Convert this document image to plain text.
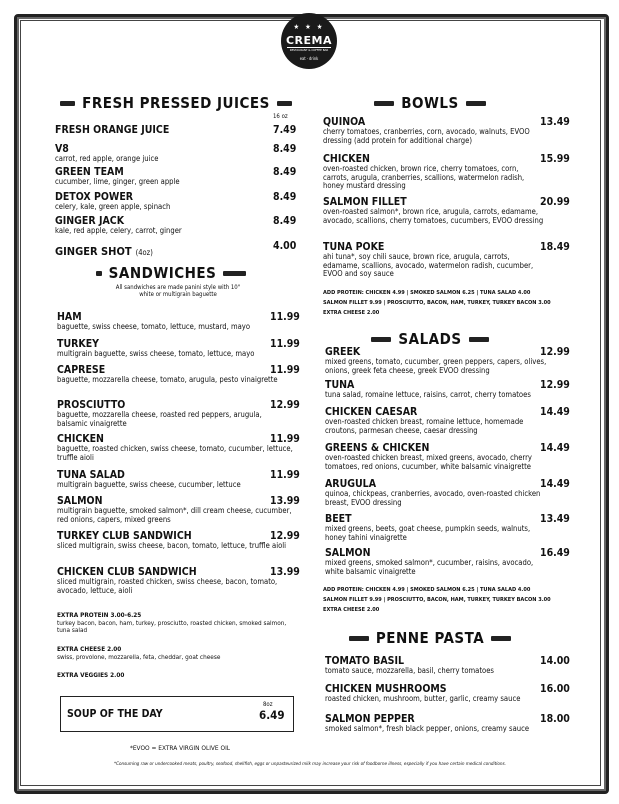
★ ★ ★
CREMA
RESTAURANT & COFFEE BAR
eat · drink
FRESH PRESSED JUICES
16 oz
FRESH ORANGE JUICE	7.49
V8
carrot, red apple, orange juice
8.49
GREEN TEAM
cucumber, lime, ginger, green apple
8.49
DETOX POWER
celery, kale, green apple, spinach
8.49
GINGER JACK
kale, red apple, celery, carrot, ginger
8.49
GINGER SHOT (4oz)
4.00
SANDWICHES
All sandwiches are made panini style with 10" white or multigrain baguette
HAM
baguette, swiss cheese, tomato, lettuce, mustard, mayo
11.99
TURKEY
multigrain baguette, swiss cheese, tomato, lettuce, mayo
11.99
CAPRESE
baguette, mozzarella cheese, tomato, arugula, pesto vinaigrette
11.99
PROSCIUTTO
baguette, mozzarella cheese, roasted red peppers, arugula, balsamic vinaigrette
12.99
CHICKEN
baguette, roasted chicken, swiss cheese, tomato, cucumber, lettuce, truffle aioli
11.99
TUNA SALAD
multigrain baguette, swiss cheese, cucumber, lettuce
11.99
SALMON
multigrain baguette, smoked salmon*, dill cream cheese, cucumber, red onions, capers, mixed greens
13.99
TURKEY CLUB SANDWICH
sliced multigrain, swiss cheese, bacon, tomato, lettuce, truffle aioli
12.99
CHICKEN CLUB SANDWICH
sliced multigrain, roasted chicken, swiss cheese, bacon, tomato, avocado, lettuce, aioli
13.99
EXTRA PROTEIN 3.00-6.25
turkey bacon, bacon, ham, turkey, prosciutto, roasted chicken, smoked salmon, tuna salad
EXTRA CHEESE 2.00
swiss, provolone, mozzarella, feta, cheddar, goat cheese
EXTRA VEGGIES 2.00
SOUP OF THE DAY
8oz
6.49
*EVOO = EXTRA VIRGIN OLIVE OIL
*Consuming raw or undercooked meats, poultry, seafood, shellfish, eggs or unpasteurized milk may increase your risk of foodborne illness, especially if you have certain medical conditions.
BOWLS
QUINOA
cherry tomatoes, cranberries, corn, avocado, walnuts, EVOO dressing (add protein for additional charge)
13.49
CHICKEN
oven-roasted chicken, brown rice, cherry tomatoes, corn, carrots, arugula, cranberries, scallions, watermelon radish, honey mustard dressing
15.99
SALMON FILLET
oven-roasted salmon*, brown rice, arugula, carrots, edamame, avocado, scallions, cherry tomatoes, cucumbers, EVOO dressing
20.99
TUNA POKE
ahi tuna*, soy chili sauce, brown rice, arugula, carrots, edamame, scallions, avocado, watermelon radish, cucumber, EVOO and soy sauce
18.49
ADD PROTEIN: CHICKEN 4.99 | SMOKED SALMON 6.25 | TUNA SALAD 4.00
SALMON FILLET 9.99 | PROSCIUTTO, BACON, HAM, TURKEY, TURKEY BACON 3.00
EXTRA CHEESE 2.00
SALADS
GREEK
mixed greens, tomato, cucumber, green peppers, capers, olives, onions, greek feta cheese, greek EVOO dressing
12.99
TUNA
tuna salad, romaine lettuce, raisins, carrot, cherry tomatoes
12.99
CHICKEN CAESAR
oven-roasted chicken breast, romaine lettuce, homemade croutons, parmesan cheese, caesar dressing
14.49
GREENS & CHICKEN
oven-roasted chicken breast, mixed greens, avocado, cherry tomatoes, red onions, cucumber, white balsamic vinaigrette
14.49
ARUGULA
quinoa, chickpeas, cranberries, avocado, oven-roasted chicken breast, EVOO dressing
14.49
BEET
mixed greens, beets, goat cheese, pumpkin seeds, walnuts, honey tahini vinaigrette
13.49
SALMON
mixed greens, smoked salmon*, cucumber, raisins, avocado, white balsamic vinaigrette
16.49
ADD PROTEIN: CHICKEN 4.99 | SMOKED SALMON 6.25 | TUNA SALAD 4.00
SALMON FILLET 9.99 | PROSCIUTTO, BACON, HAM, TURKEY, TURKEY BACON 3.00
EXTRA CHEESE 2.00
PENNE PASTA
TOMATO BASIL
tomato sauce, mozzarella, basil, cherry tomatoes
14.00
CHICKEN MUSHROOMS
roasted chicken, mushroom, butter, garlic, creamy sauce
16.00
SALMON PEPPER
smoked salmon*, fresh black pepper, onions, creamy sauce
18.00
